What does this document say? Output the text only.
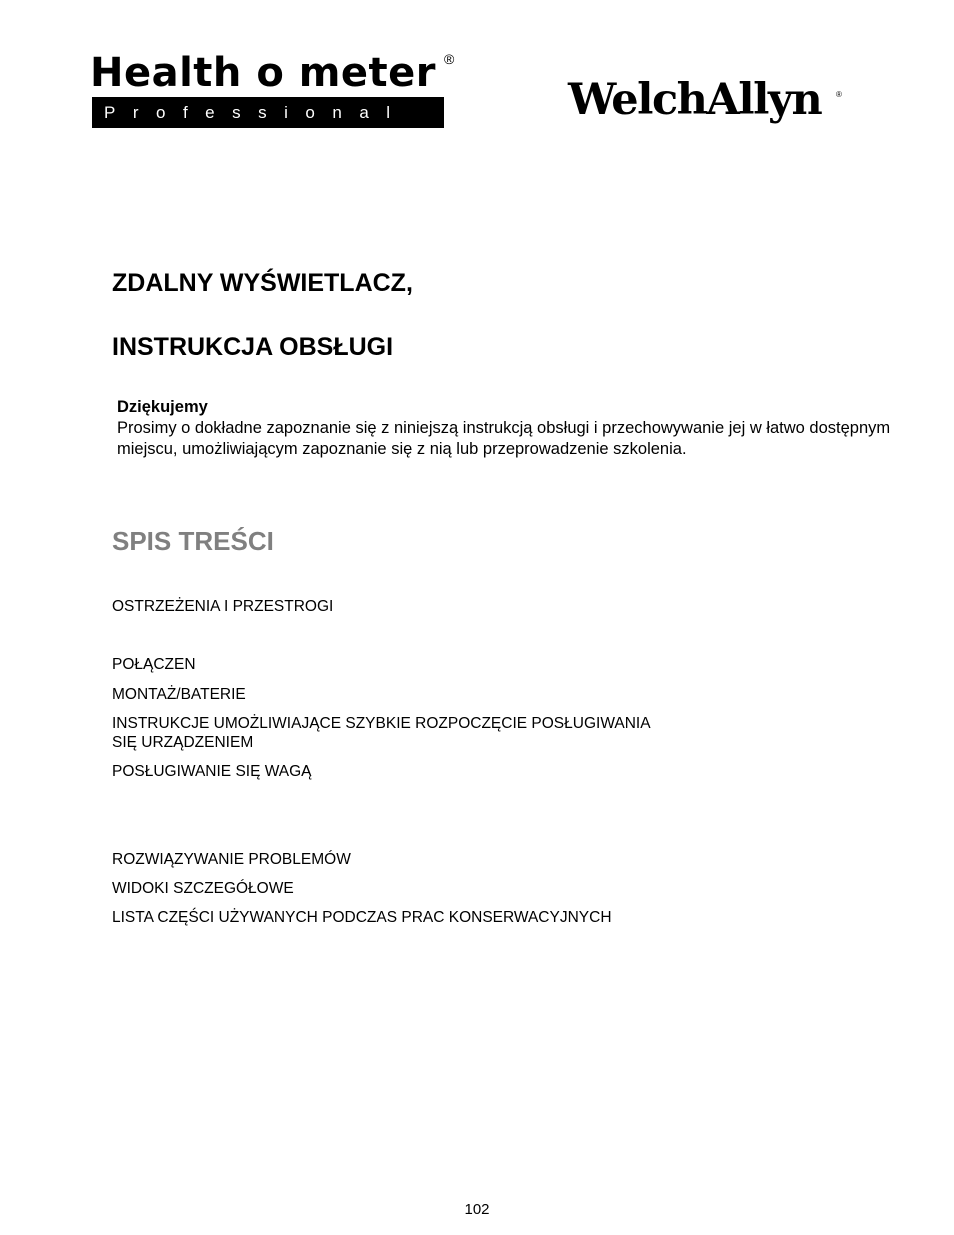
Health o meter ®
Professional	WelchAllyn ®
ZDALNY WYŚWIETLACZ,
INSTRUKCJA OBSŁUGI
Dziękujemy
Prosimy o dokładne zapoznanie się z niniejszą instrukcją obsługi i przechowywanie jej w łatwo dostępnym miejscu, umożliwiającym zapoznanie się z nią lub przeprowadzenie szkolenia.
SPIS TREŚCI
OSTRZEŻENIA I PRZESTROGI
POŁĄCZEN
MONTAŻ/BATERIE
INSTRUKCJE UMOŻLIWIAJĄCE SZYBKIE ROZPOCZĘCIE POSŁUGIWANIA
SIĘ URZĄDZENIEM
POSŁUGIWANIE SIĘ WAGĄ
ROZWIĄZYWANIE PROBLEMÓW
WIDOKI SZCZEGÓŁOWE
LISTA CZĘŚCI UŻYWANYCH PODCZAS PRAC KONSERWACYJNYCH
102
